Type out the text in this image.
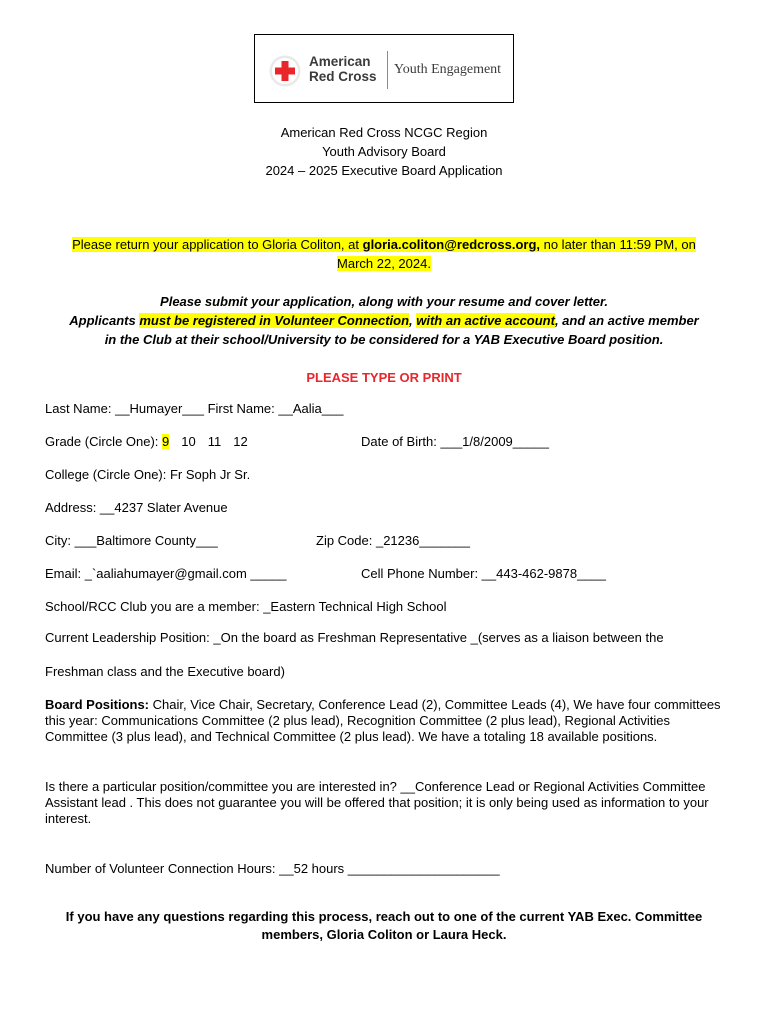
American
Red Cross Youth Engagement
American Red Cross NCGC Region
Youth Advisory Board
2024 – 2025 Executive Board Application
Please return your application to Gloria Coliton, at gloria.coliton@redcross.org, no later than 11:59 PM, on
March 22, 2024.
Please submit your application, along with your resume and cover letter.
Applicants must be registered in Volunteer Connection, with an active account, and an active member
in the Club at their school/University to be considered for a YAB Executive Board position.
PLEASE TYPE OR PRINT
Last Name: __Humayer___ First Name: __Aalia___
Grade (Circle One): 9 10 11 12	Date of Birth: ___1/8/2009_____
College (Circle One): Fr Soph Jr Sr.
Address: __4237 Slater Avenue
City: ___Baltimore County___	Zip Code: _21236_______
Email: _`aaliahumayer@gmail.com _____	Cell Phone Number: __443-462-9878____
School/RCC Club you are a member: _Eastern Technical High School
Current Leadership Position: _On the board as Freshman Representative _(serves as a liaison between the
Freshman class and the Executive board)
Board Positions: Chair, Vice Chair, Secretary, Conference Lead (2), Committee Leads (4), We have four committees this year: Communications Committee (2 plus lead), Recognition Committee (2 plus lead), Regional Activities Committee (3 plus lead), and Technical Committee (2 plus lead). We have a totaling 18 available positions.
Is there a particular position/committee you are interested in? __Conference Lead or Regional Activities Committee Assistant lead . This does not guarantee you will be offered that position; it is only being used as information to your interest.
Number of Volunteer Connection Hours: __52 hours _____________________
If you have any questions regarding this process, reach out to one of the current YAB Exec. Committee
members, Gloria Coliton or Laura Heck.
